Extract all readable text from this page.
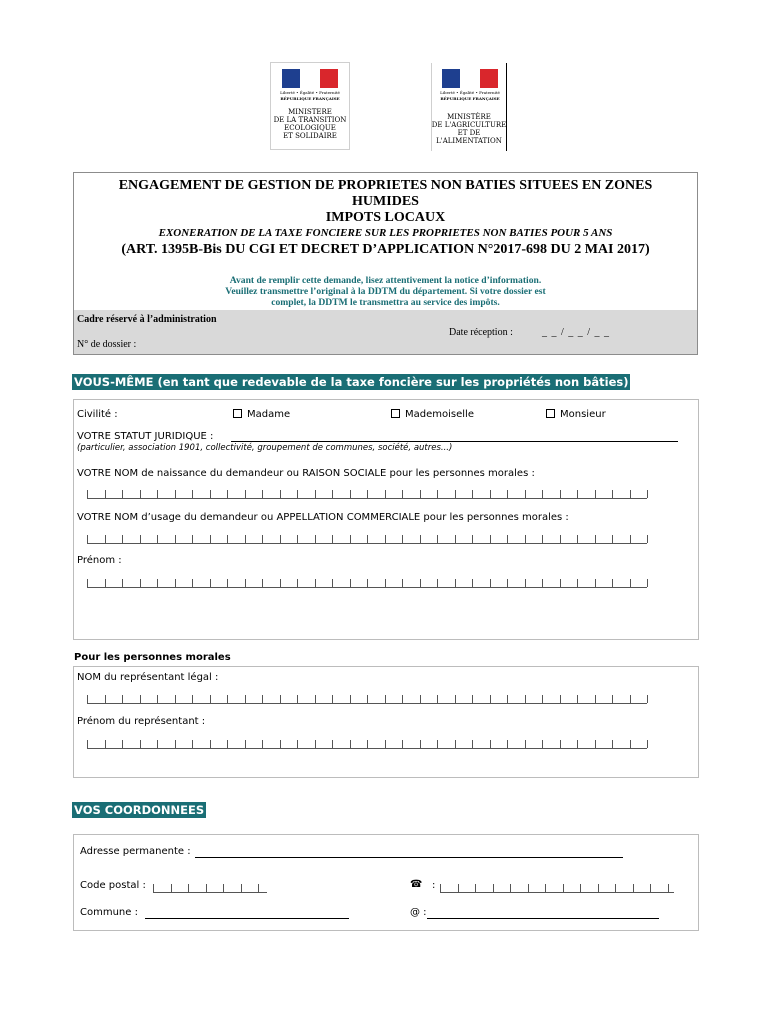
Liberté • Égalité • Fraternité
RÉPUBLIQUE FRANÇAISE
MINISTERE
DE LA TRANSITION
ECOLOGIQUE
ET SOLIDAIRE
Liberté • Égalité • Fraternité
RÉPUBLIQUE FRANÇAISE
MINISTÈRE
DE L'AGRICULTURE
ET DE
L'ALIMENTATION
ENGAGEMENT DE GESTION DE PROPRIETES NON BATIES SITUEES EN ZONES
HUMIDES
IMPOTS LOCAUX
EXONERATION DE LA TAXE FONCIERE SUR LES PROPRIETES NON BATIES POUR 5 ANS
(ART. 1395B-Bis DU CGI ET DECRET D’APPLICATION N°2017-698 DU 2 MAI 2017)
Avant de remplir cette demande, lisez attentivement la notice d’information.
Veuillez transmettre l’original à la DDTM du département. Si votre dossier est
complet, la DDTM le transmettra au service des impôts.
Cadre réservé à l’administration
Date réception :	_ _ / _ _ / _ _
N° de dossier :
VOUS-MÊME (en tant que redevable de la taxe foncière sur les propriétés non bâties)
Civilité :	Madame	Mademoiselle	Monsieur
VOTRE STATUT JURIDIQUE :
(particulier, association 1901, collectivité, groupement de communes, société, autres...)
VOTRE NOM de naissance du demandeur ou RAISON SOCIALE pour les personnes morales :
VOTRE NOM d’usage du demandeur ou APPELLATION COMMERCIALE pour les personnes morales :
Prénom :
Pour les personnes morales
NOM du représentant légal :
Prénom du représentant :
VOS COORDONNEES
Adresse permanente :
Code postal :	☎ :
Commune :	@ :
